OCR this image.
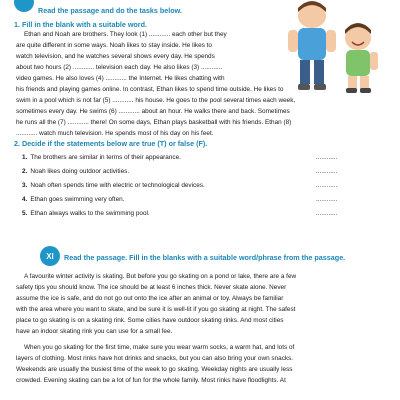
Read the passage and do the tasks below.
1. Fill in the blank with a suitable word.
Ethan and Noah are brothers. They look (1) ............ each other but they
are quite different in some ways. Noah likes to stay inside. He likes to
watch television, and he watches several shows every day. He spends
about two hours (2) ............ television each day. He also likes (3) ............
video games. He also loves (4) ............ the Internet. He likes chatting with
his friends and playing games online. In contrast, Ethan likes to spend time outside. He likes to
swim in a pool which is not far (5) ............ his house. He goes to the pool several times each week,
sometimes every day. He swims (6) ............ about an hour. He walks there and back. Sometimes
he runs all the (7) ............ there! On some days, Ethan plays basketball with his friends. Ethan (8)
............ watch much television. He spends most of his day on his feet.
2. Decide if the statements below are true (T) or false (F).
1. The brothers are similar in terms of their appearance.	............
2. Noah likes doing outdoor activities.	............
3. Noah often spends time with electric or technological devices.	............
4. Ethan goes swimming very often.	............
5. Ethan always walks to the swimming pool.	............
XI	Read the passage. Fill in the blanks with a suitable word/phrase from the passage.
A favourite winter activity is skating. But before you go skating on a pond or lake, there are a few
safety tips you should know. The ice should be at least 6 inches thick. Never skate alone. Never
assume the ice is safe, and do not go out onto the ice after an animal or toy. Always be familiar
with the area where you want to skate, and be sure it is well-lit if you go skating at night. The safest
place to go skating is on a skating rink. Some cities have outdoor skating rinks. And most cities
have an indoor skating rink you can use for a small fee.
When you go skating for the first time, make sure you wear warm socks, a warm hat, and lots of
layers of clothing. Most rinks have hot drinks and snacks, but you can also bring your own snacks.
Weekends are usually the busiest time of the week to go skating. Weekday nights are usually less
crowded. Evening skating can be a lot of fun for the whole family. Most rinks have floodlights. At
